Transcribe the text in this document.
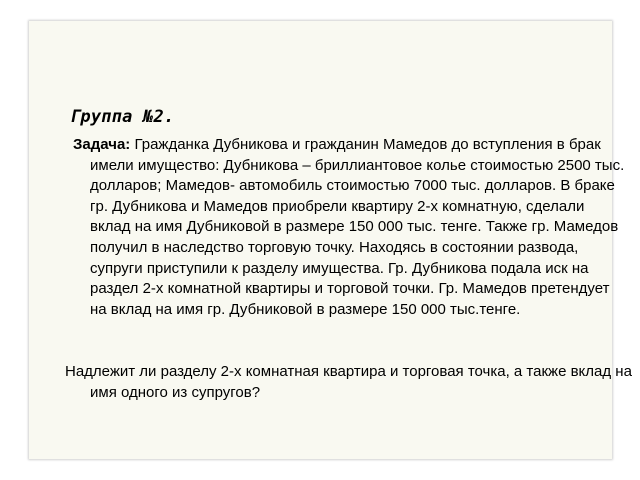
Группа №2.

Задача: Гражданка Дубникова и гражданин Мамедов до вступления в брак имели имущество: Дубникова – бриллиантовое колье стоимостью 2500 тыс. долларов; Мамедов- автомобиль стоимостью 7000 тыс. долларов. В браке гр. Дубникова и Мамедов приобрели квартиру 2-х комнатную, сделали вклад на имя Дубниковой в размере 150 000 тыс. тенге. Также гр. Мамедов получил в наследство торговую точку. Находясь в состоянии развода, супруги приступили к разделу имущества. Гр. Дубникова подала иск на раздел 2-х комнатной квартиры и торговой точки. Гр. Мамедов претендует на вклад на имя гр. Дубниковой в размере 150 000 тыс.тенге.

Надлежит ли разделу 2-х комнатная квартира и торговая точка, а также вклад на имя одного из супругов?
